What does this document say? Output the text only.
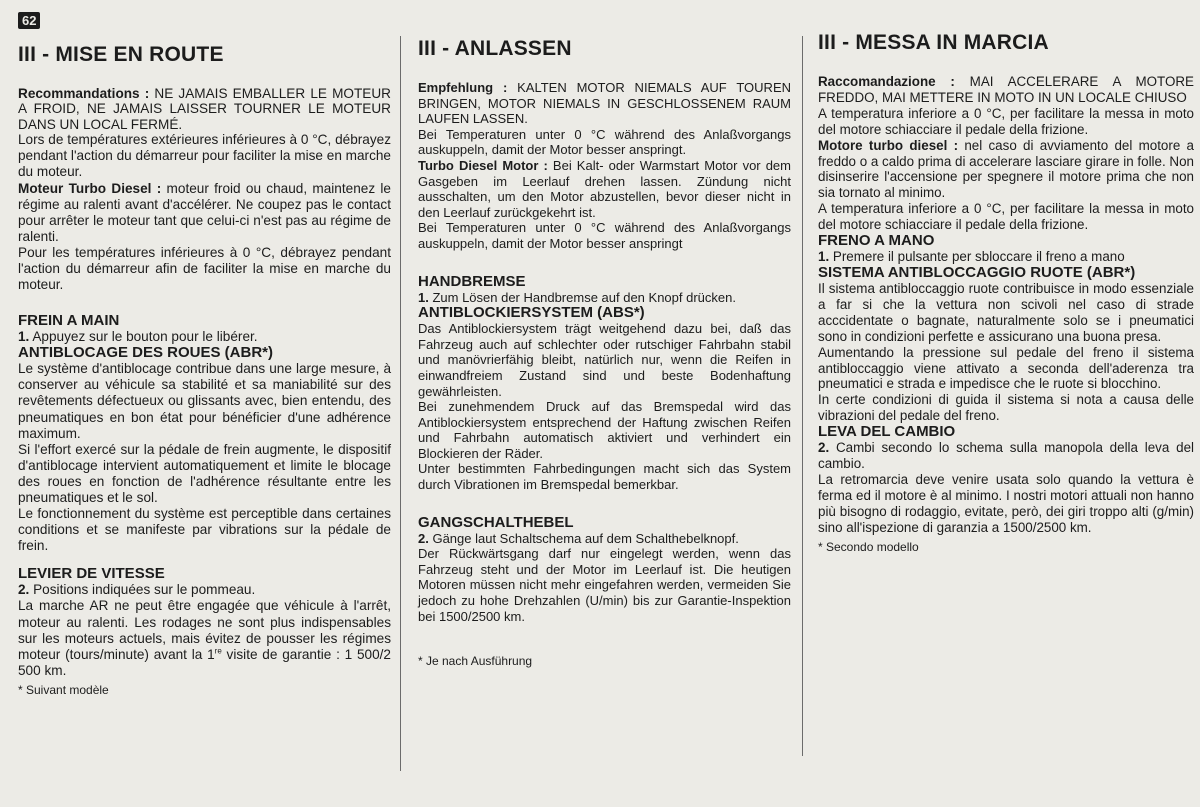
62
III - MISE EN ROUTE

Recommandations : NE JAMAIS EMBALLER LE MOTEUR A FROID, NE JAMAIS LAISSER TOURNER LE MOTEUR DANS UN LOCAL FERMÉ.

Lors de températures extérieures inférieures à 0 °C, débrayez pendant l'action du démarreur pour faciliter la mise en marche du moteur.

Moteur Turbo Diesel : moteur froid ou chaud, maintenez le régime au ralenti avant d'accélérer. Ne coupez pas le contact pour arrêter le moteur tant que celui-ci n'est pas au régime de ralenti.

Pour les températures inférieures à 0 °C, débrayez pendant l'action du démarreur afin de faciliter la mise en marche du moteur.

FREIN A MAIN

1. Appuyez sur le bouton pour le libérer.

ANTIBLOCAGE DES ROUES (ABR*)

Le système d'antiblocage contribue dans une large mesure, à conserver au véhicule sa stabilité et sa maniabilité sur des revêtements défectueux ou glissants avec, bien entendu, des pneumatiques en bon état pour bénéficier d'une adhérence maximum.

Si l'effort exercé sur la pédale de frein augmente, le dispositif d'antiblocage intervient automatiquement et limite le blocage des roues en fonction de l'adhérence résultante entre les pneumatiques et le sol.

Le fonctionnement du système est perceptible dans certaines conditions et se manifeste par vibrations sur la pédale de frein.

LEVIER DE VITESSE

2. Positions indiquées sur le pommeau.

La marche AR ne peut être engagée que véhicule à l'arrêt, moteur au ralenti. Les rodages ne sont plus indispensables sur les moteurs actuels, mais évitez de pousser les régimes moteur (tours/minute) avant la 1re visite de garantie : 1 500/2 500 km.

* Suivant modèle
III - ANLASSEN

Empfehlung : KALTEN MOTOR NIEMALS AUF TOUREN BRINGEN, MOTOR NIEMALS IN GESCHLOSSENEM RAUM LAUFEN LASSEN.

Bei Temperaturen unter 0 °C während des Anlaßvorgangs auskuppeln, damit der Motor besser anspringt.

Turbo Diesel Motor : Bei Kalt- oder Warmstart Motor vor dem Gasgeben im Leerlauf drehen lassen. Zündung nicht ausschalten, um den Motor abzustellen, bevor dieser nicht in den Leerlauf zurückgekehrt ist.

Bei Temperaturen unter 0 °C während des Anlaßvorgangs auskuppeln, damit der Motor besser anspringt

HANDBREMSE

1. Zum Lösen der Handbremse auf den Knopf drücken.

ANTIBLOCKIERSYSTEM (ABS*)

Das Antiblockiersystem trägt weitgehend dazu bei, daß das Fahrzeug auch auf schlechter oder rutschiger Fahrbahn stabil und manövrierfähig bleibt, natürlich nur, wenn die Reifen in einwandfreiem Zustand sind und beste Bodenhaftung gewährleisten.

Bei zunehmendem Druck auf das Bremspedal wird das Antiblockiersystem entsprechend der Haftung zwischen Reifen und Fahrbahn automatisch aktiviert und verhindert ein Blockieren der Räder.

Unter bestimmten Fahrbedingungen macht sich das System durch Vibrationen im Bremspedal bemerkbar.

GANGSCHALTHEBEL

2. Gänge laut Schaltschema auf dem Schalthebelknopf.

Der Rückwärtsgang darf nur eingelegt werden, wenn das Fahrzeug steht und der Motor im Leerlauf ist. Die heutigen Motoren müssen nicht mehr eingefahren werden, vermeiden Sie jedoch zu hohe Drehzahlen (U/min) bis zur Garantie-Inspektion bei 1500/2500 km.

* Je nach Ausführung
III - MESSA IN MARCIA

Raccomandazione : MAI ACCELERARE A MOTORE FREDDO, MAI METTERE IN MOTO IN UN LOCALE CHIUSO

A temperatura inferiore a 0 °C, per facilitare la messa in moto del motore schiacciare il pedale della frizione.

Motore turbo diesel : nel caso di avviamento del motore a freddo o a caldo prima di accelerare lasciare girare in folle. Non disinserire l'accensione per spegnere il motore prima che non sia tornato al minimo.

A temperatura inferiore a 0 °C, per facilitare la messa in moto del motore schiacciare il pedale della frizione.

FRENO A MANO

1. Premere il pulsante per sbloccare il freno a mano

SISTEMA ANTIBLOCCAGGIO RUOTE (ABR*)

Il sistema antibloccaggio ruote contribuisce in modo essenziale a far si che la vettura non scivoli nel caso di strade acccidentate o bagnate, naturalmente solo se i pneumatici sono in condizioni perfette e assicurano una buona presa.

Aumentando la pressione sul pedale del freno il sistema antibloccaggio viene attivato a seconda dell'aderenza tra pneumatici e strada e impedisce che le ruote si blocchino.

In certe condizioni di guida il sistema si nota a causa delle vibrazioni del pedale del freno.

LEVA DEL CAMBIO

2. Cambi secondo lo schema sulla manopola della leva del cambio.

La retromarcia deve venire usata solo quando la vettura è ferma ed il motore è al minimo. I nostri motori attuali non hanno più bisogno di rodaggio, evitate, però, dei giri troppo alti (g/min) sino all'ispezione di garanzia a 1500/2500 km.

* Secondo modello
